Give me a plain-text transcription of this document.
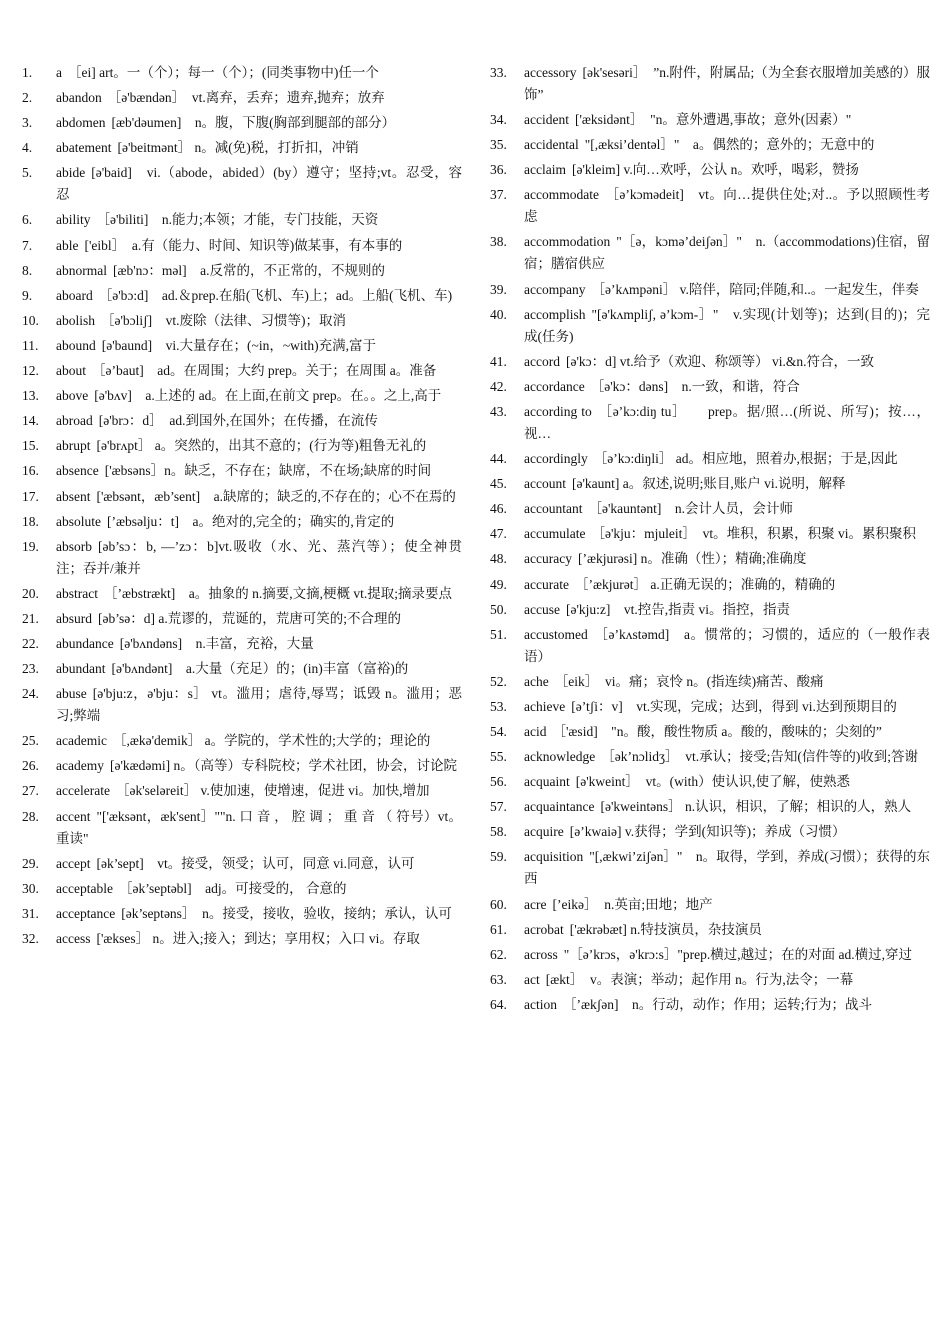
1.	a ［ei] art。一（个）；每一（个）；(同类事物中)任一个
2.	abandon ［ə'bændən］　vt.离弃，丢弃；遗弃,抛弃；放弃
3.	abdomen [æb'dəumen]　n。腹，下腹(胸部到腿部的部分）
4.	abatement [ə'beitmənt］ n。减(免)税，打折扣，冲销
5.	abide [ə'baid]　vi.（abode，abided）(by）遵守；坚持;vt。忍受，容忍
6.	ability ［ə'biliti]　n.能力;本领；才能，专门技能，天资
7.	able ['eibl］　a.有（能力、时间、知识等)做某事，有本事的
8.	abnormal [æb'nɔ：məl]　a.反常的，不正常的，不规则的
9.	aboard ［ə'bɔ:d]　ad.＆prep.在船(飞机、车)上；ad。上船(飞机、车)
10.	abolish ［ə'bɔliʃ]　vt.废除（法律、习惯等)；取消
11.	abound [ə'baund]　vi.大量存在；(~in，~with)充满,富于
12.	about ［ə’baut]　ad。在周围；大约 prep。关于；在周围 a。准备
13.	above [ə'bʌv]　a.上述的 ad。在上面,在前文 prep。在。。之上,高于
14.	abroad [ə'brɔ：d］　ad.到国外,在国外；在传播，在流传
15.	abrupt [ə'brʌpt］ a。突然的，出其不意的；(行为等)粗鲁无礼的
16.	absence ['æbsəns］n。缺乏，不存在；缺席，不在场;缺席的时间
17.	absent ['æbsənt，æb’sent]　a.缺席的；缺乏的,不存在的；心不在焉的
18.	absolute [’æbsəlju：t]　a。绝对的,完全的；确实的,肯定的
19.	absorb [əb’sɔ：b, —’zɔ：b]vt.吸收（水、光、蒸汽等）；使全神贯注；吞并/兼并
20.	abstract ［’æbstrækt]　a。抽象的 n.摘要,文摘,梗概 vt.提取;摘录要点
21.	absurd [əb’sə：d] a.荒谬的，荒诞的，荒唐可笑的;不合理的
22.	abundance [ə'bʌndəns]　n.丰富，充裕，大量
23.	abundant [ə'bʌndənt]　a.大量（充足）的；(in)丰富（富裕)的
24.	abuse [ə'bju:z，ə'bju：s］ vt。滥用；虐待,辱骂；诋毁 n。滥用；恶习;弊端
25.	academic ［,ækə'demik］ a。学院的，学术性的;大学的；理论的
26.	academy [ə'kædəmi] n。（高等）专科院校；学术社团，协会，讨论院
27.	accelerate ［ək'seləreit］ v.使加速，使增速，促进 vi。加快,增加
28.	accent "['æksənt，æk'sent］""n. 口 音 ， 腔 调 ； 重 音 （ 符号）vt。重读"
29.	accept [ək’sept]　vt。接受，领受；认可，同意 vi.同意，认可
30.	acceptable ［ək’septəbl]　adj。可接受的， 合意的
31.	acceptance [ək’septəns］　n。接受，接收，验收，接纳；承认，认可
32.	access ['ækses］ n。进入;接入；到达；享用权；入口 vi。存取
33.	accessory [ək'sesəri］　”n.附件，附属品;（为全套衣服增加美感的）服饰”
34.	accident ['æksidənt］　"n。意外遭遇,事故；意外(因素）"
35.	accidental "[,æksi’dentəl］"　a。偶然的；意外的；无意中的
36.	acclaim [ə'kleim] v.向…欢呼，公认 n。欢呼，喝彩，赞扬
37.	accommodate ［ə’kɔmədeit]　vt。向…提供住处;对..。予以照顾性考虑
38.	accommodation "［ə，kɔmə’deiʃən］"　n.（accommodations)住宿，留宿；膳宿供应
39.	accompany ［ə’kʌmpəni］ v.陪伴，陪同;伴随,和..。一起发生，伴奏
40.	accomplish "[ə'kʌmpliʃ, ə’kɔm-］"　v.实现(计划等)；达到(目的)；完成(任务)
41.	accord [ə'kɔ：d] vt.给予（欢迎、称颂等） vi.&n.符合，一致
42.	accordance ［ə'kɔ：dəns]　n.一致，和谐，符合
43.	according to ［ə’kɔ:diŋ tu］　　prep。据/照…(所说、所写)；按…，视…
44.	accordingly ［ə’kɔ:diŋli］ ad。相应地，照着办,根据；于是,因此
45.	account [ə'kaunt] a。叙述,说明;账目,账户 vi.说明，解释
46.	accountant ［ə'kauntənt]　n.会计人员，会计师
47.	accumulate ［ə'kju：mjuleit］　vt。堆积，积累，积聚 vi。累积聚积
48.	accuracy [’ækjurəsi] n。准确（性）；精确;准确度
49.	accurate ［’ækjurət］ a.正确无误的；准确的，精确的
50.	accuse [ə'kju:z]　vt.控告,指责 vi。指控，指责
51.	accustomed ［ə’kʌstəmd]　a。惯常的；习惯的，适应的（一般作表语）
52.	ache ［eik］　vi。痛；哀怜 n。(指连续)痛苦、酸痛
53.	achieve [ə’tʃi：v]　vt.实现，完成；达到，得到 vi.达到预期目的
54.	acid ［'æsid]　"n。酸，酸性物质 a。酸的，酸味的；尖刻的”
55.	acknowledge ［ək’nɔlidʒ］　vt.承认；接受;告知(信件等的)收到;答谢
56.	acquaint [ə'kweint］　vt。(with）使认识,使了解，使熟悉
57.	acquaintance [ə'kweintəns］ n.认识，相识，了解；相识的人，熟人
58.	acquire [ə’kwaiə] v.获得；学到(知识等)；养成（习惯）
59.	acquisition "[,ækwi’ziʃən］"　n。取得，学到，养成(习惯）；获得的东西
60.	acre [’eikə］　n.英亩;田地；地产
61.	acrobat ['ækrəbæt] n.特技演员，杂技演员
62.	across "［ə’krɔs，ə'krɔ:s］"prep.横过,越过；在的对面 ad.横过,穿过
63.	act [ækt］　v。表演；举动；起作用 n。行为,法令；一幕
64.	action ［’ækʃən]　n。行动，动作；作用；运转;行为；战斗
